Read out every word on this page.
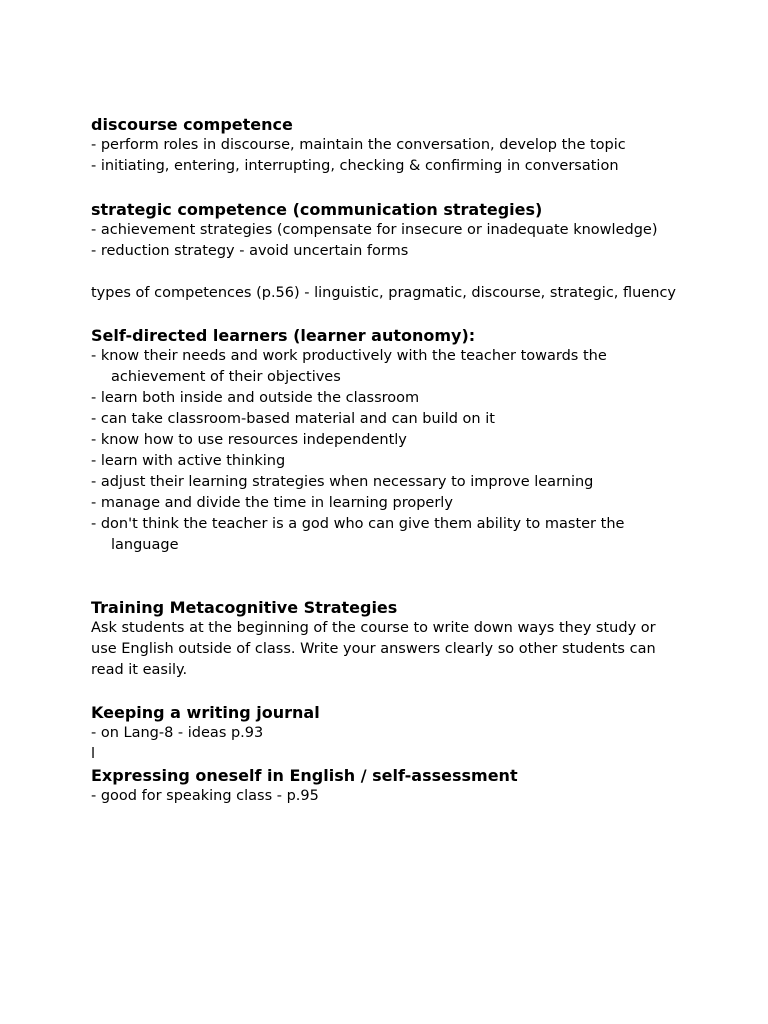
discourse competence

- perform roles in discourse, maintain the conversation, develop the topic

- initiating, entering, interrupting, checking & confirming in conversation

strategic competence (communication strategies)

- achievement strategies (compensate for insecure or inadequate knowledge)

- reduction strategy - avoid uncertain forms

types of competences (p.56) - linguistic, pragmatic, discourse, strategic, fluency

Self-directed learners (learner autonomy):

- know their needs and work productively with the teacher towards the

achievement of their objectives

- learn both inside and outside the classroom

- can take classroom-based material and can build on it

- know how to use resources independently

- learn with active thinking

- adjust their learning strategies when necessary to improve learning

- manage and divide the time in learning properly

- don't think the teacher is a god who can give them ability to master the

language

Training Metacognitive Strategies

Ask students at the beginning of the course to write down ways they study or

use English outside of class. Write your answers clearly so other students can

read it easily.

Keeping a writing journal

- on Lang-8 - ideas p.93

l

Expressing oneself in English / self-assessment

- good for speaking class - p.95
